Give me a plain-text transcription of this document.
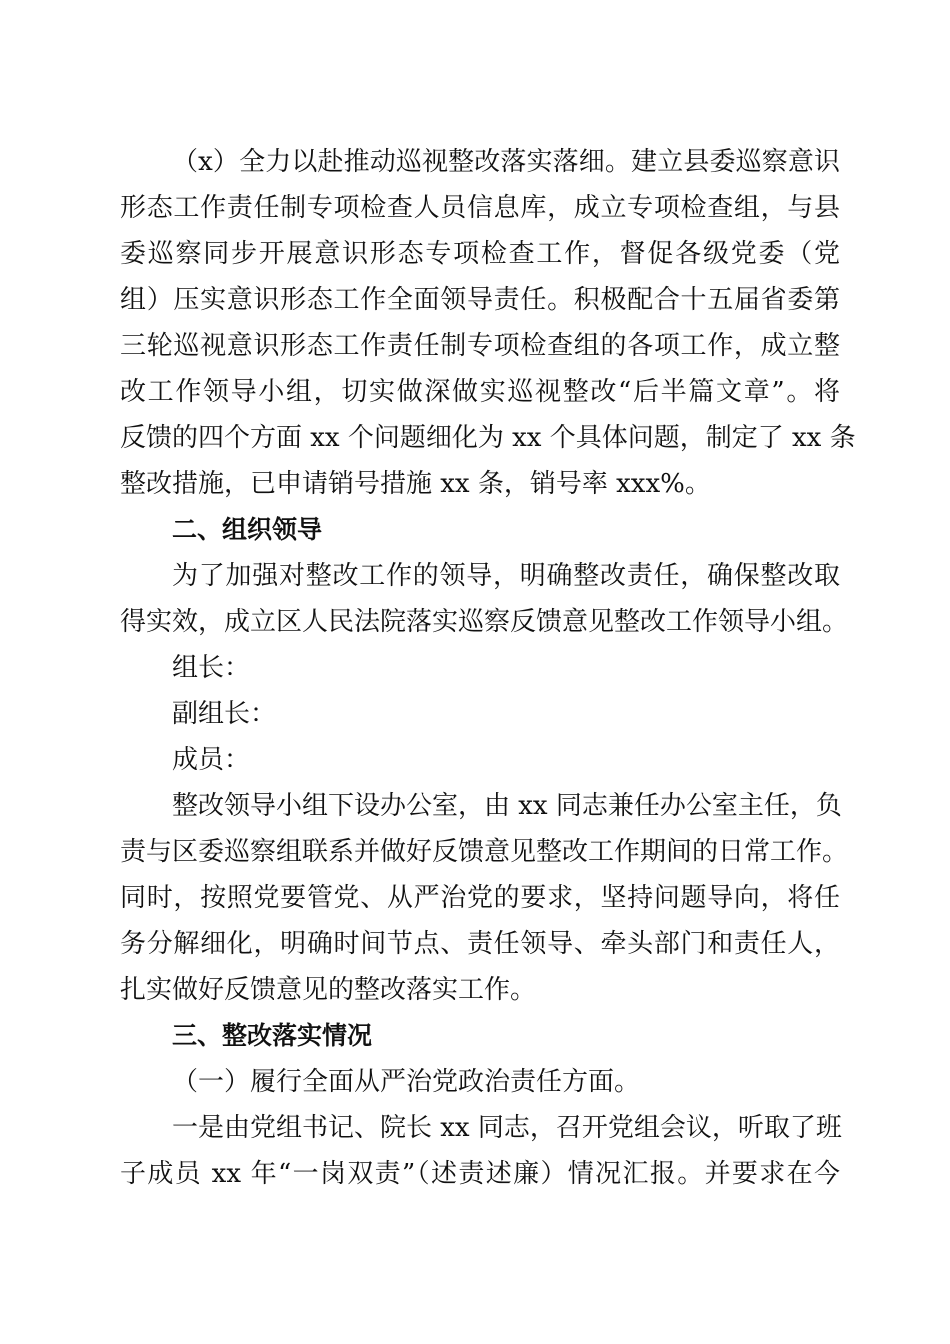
（x）全力以赴推动巡视整改落实落细。建立县委巡察意识
形态工作责任制专项检查人员信息库，成立专项检查组，与县
委巡察同步开展意识形态专项检查工作，督促各级党委（党
组）压实意识形态工作全面领导责任。积极配合十五届省委第
三轮巡视意识形态工作责任制专项检查组的各项工作，成立整
改工作领导小组，切实做深做实巡视整改“后半篇文章”。将
反馈的四个方面 xx 个问题细化为 xx 个具体问题，制定了 xx 条
整改措施，已申请销号措施 xx 条，销号率 xxx%。
二、组织领导
为了加强对整改工作的领导，明确整改责任，确保整改取
得实效，成立区人民法院落实巡察反馈意见整改工作领导小组。
组长：
副组长：
成员：
整改领导小组下设办公室，由 xx 同志兼任办公室主任，负
责与区委巡察组联系并做好反馈意见整改工作期间的日常工作。
同时，按照党要管党、从严治党的要求，坚持问题导向，将任
务分解细化，明确时间节点、责任领导、牵头部门和责任人，
扎实做好反馈意见的整改落实工作。
三、整改落实情况
（一）履行全面从严治党政治责任方面。
一是由党组书记、院长 xx 同志，召开党组会议，听取了班
子成员 xx 年“一岗双责”（述责述廉）情况汇报。并要求在今
